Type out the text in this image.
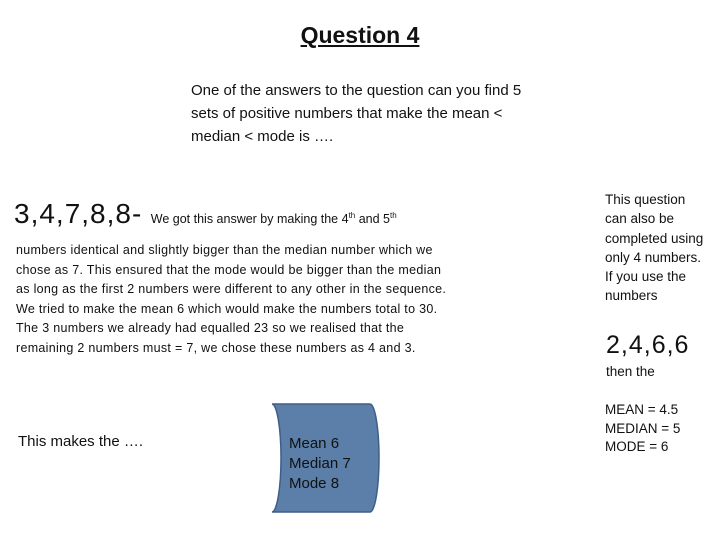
Question 4
One of the answers to the question can you find 5 sets of positive numbers that make the mean < median < mode is ….
3,4,7,8,8- We got this answer by making the 4th and 5th
numbers identical and slightly bigger than the median number which we chose as 7. This ensured that the mode would be bigger than the median as long as the first 2 numbers were different to any other in the sequence. We tried to make the mean 6 which would make the numbers total to 30. The 3 numbers we already had equalled 23 so we realised that the remaining 2 numbers must = 7, we chose these numbers as 4 and 3.
This makes the ….	Mean 6
Median 7
Mode 8
This question can also be completed using only 4 numbers. If you use the numbers
2,4,6,6
then the
MEAN = 4.5
MEDIAN = 5
MODE = 6
